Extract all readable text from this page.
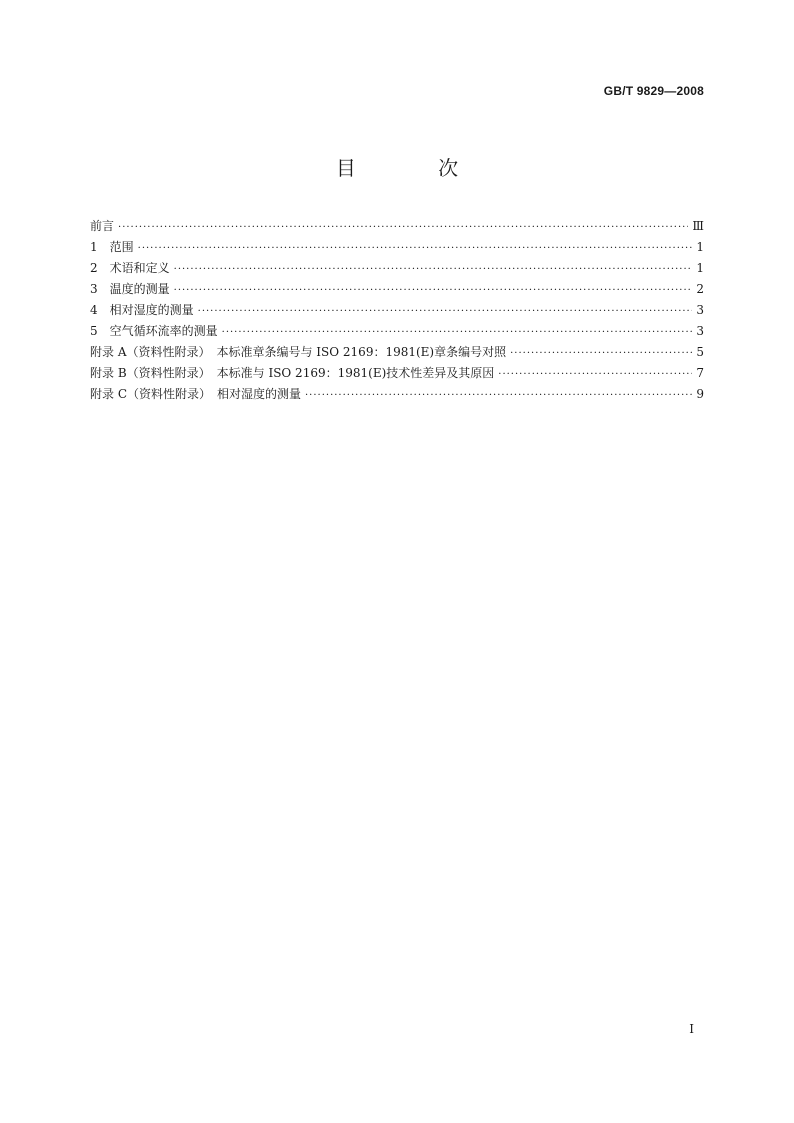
GB/T 9829—2008
目 次
前言 ·····	Ⅲ
1　范围 ·····	1
2　术语和定义 ·····	1
3　温度的测量 ·····	2
4　相对湿度的测量 ·····	3
5　空气循环流率的测量 ·····	3
附录 A（资料性附录）　本标准章条编号与 ISO 2169：1981(E)章条编号对照 ·····	5
附录 B（资料性附录）　本标准与 ISO 2169：1981(E)技术性差异及其原因 ·····	7
附录 C（资料性附录）　相对湿度的测量 ·····	9
I
